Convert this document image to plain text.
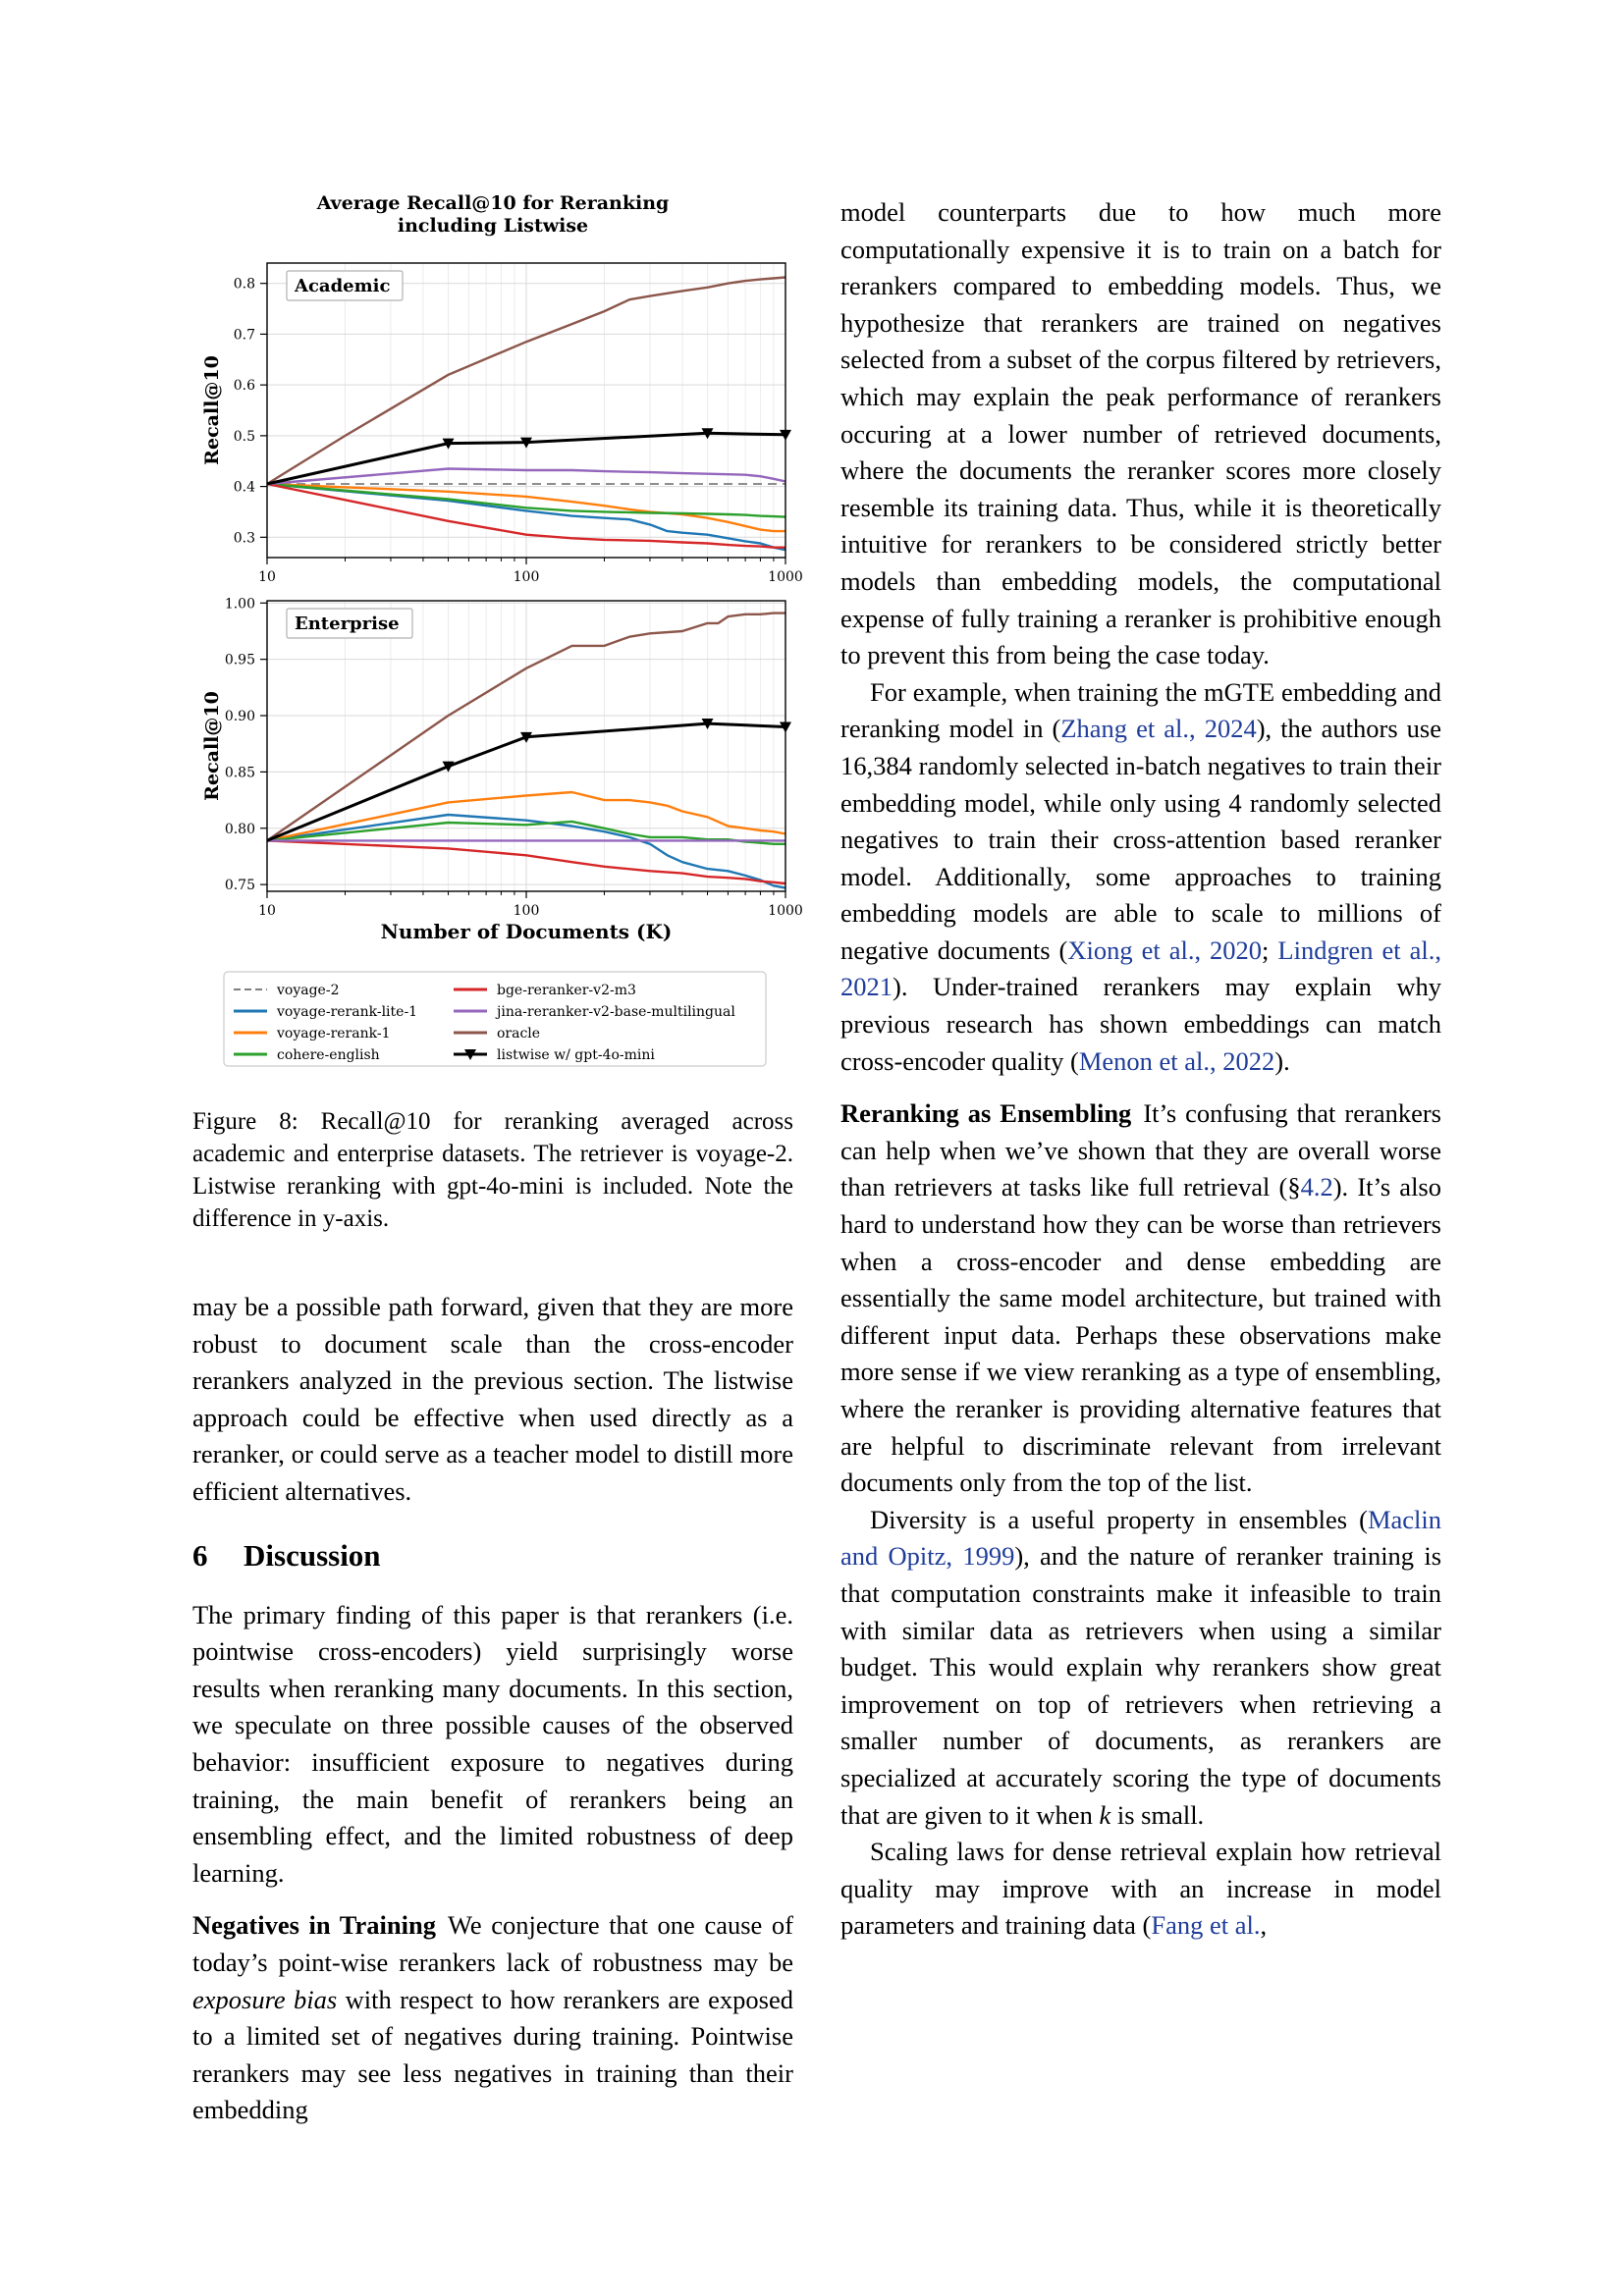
Average Recall@10 for Reranking
including Listwise
10	100	1000
0.3
0.4
0.5
0.6
0.7
0.8 Academic
Recall@10
10	100	1000
0.75
0.80
0.85
0.90
0.95
1.00
Enterprise
Recall@10
Number of Documents (K)
voyage-2
voyage-rerank-lite-1
voyage-rerank-1
cohere-english
bge-reranker-v2-m3
jina-reranker-v2-base-multilingual
oracle
listwise w/ gpt-4o-mini

Figure 8: Recall@10 for reranking averaged across academic and enterprise datasets. The retriever is voyage-2. Listwise reranking with gpt-4o-mini is included. Note the difference in y-axis.

may be a possible path forward, given that they are more robust to document scale than the cross-encoder rerankers analyzed in the previous section. The listwise approach could be effective when used directly as a reranker, or could serve as a teacher model to distill more efficient alternatives.

6 Discussion

The primary finding of this paper is that rerankers (i.e. pointwise cross-encoders) yield surprisingly worse results when reranking many documents. In this section, we speculate on three possible causes of the observed behavior: insufficient exposure to negatives during training, the main benefit of rerankers being an ensembling effect, and the limited robustness of deep learning.

Negatives in Training We conjecture that one cause of today’s point-wise rerankers lack of robustness may be exposure bias with respect to how rerankers are exposed to a limited set of negatives during training. Pointwise rerankers may see less negatives in training than their embedding

model counterparts due to how much more computationally expensive it is to train on a batch for rerankers compared to embedding models. Thus, we hypothesize that rerankers are trained on negatives selected from a subset of the corpus filtered by retrievers, which may explain the peak performance of rerankers occuring at a lower number of retrieved documents, where the documents the reranker scores more closely resemble its training data. Thus, while it is theoretically intuitive for rerankers to be considered strictly better models than embedding models, the computational expense of fully training a reranker is prohibitive enough to prevent this from being the case today.

For example, when training the mGTE embedding and reranking model in (Zhang et al., 2024), the authors use 16,384 randomly selected in-batch negatives to train their embedding model, while only using 4 randomly selected negatives to train their cross-attention based reranker model. Additionally, some approaches to training embedding models are able to scale to millions of negative documents (Xiong et al., 2020; Lindgren et al., 2021). Under-trained rerankers may explain why previous research has shown embeddings can match cross-encoder quality (Menon et al., 2022).

Reranking as Ensembling It’s confusing that rerankers can help when we’ve shown that they are overall worse than retrievers at tasks like full retrieval (§4.2). It’s also hard to understand how they can be worse than retrievers when a cross-encoder and dense embedding are essentially the same model architecture, but trained with different input data. Perhaps these observations make more sense if we view reranking as a type of ensembling, where the reranker is providing alternative features that are helpful to discriminate relevant from irrelevant documents only from the top of the list.

Diversity is a useful property in ensembles (Maclin and Opitz, 1999), and the nature of reranker training is that computation constraints make it infeasible to train with similar data as retrievers when using a similar budget. This would explain why rerankers show great improvement on top of retrievers when retrieving a smaller number of documents, as rerankers are specialized at accurately scoring the type of documents that are given to it when k is small.

Scaling laws for dense retrieval explain how retrieval quality may improve with an increase in model parameters and training data (Fang et al.,
